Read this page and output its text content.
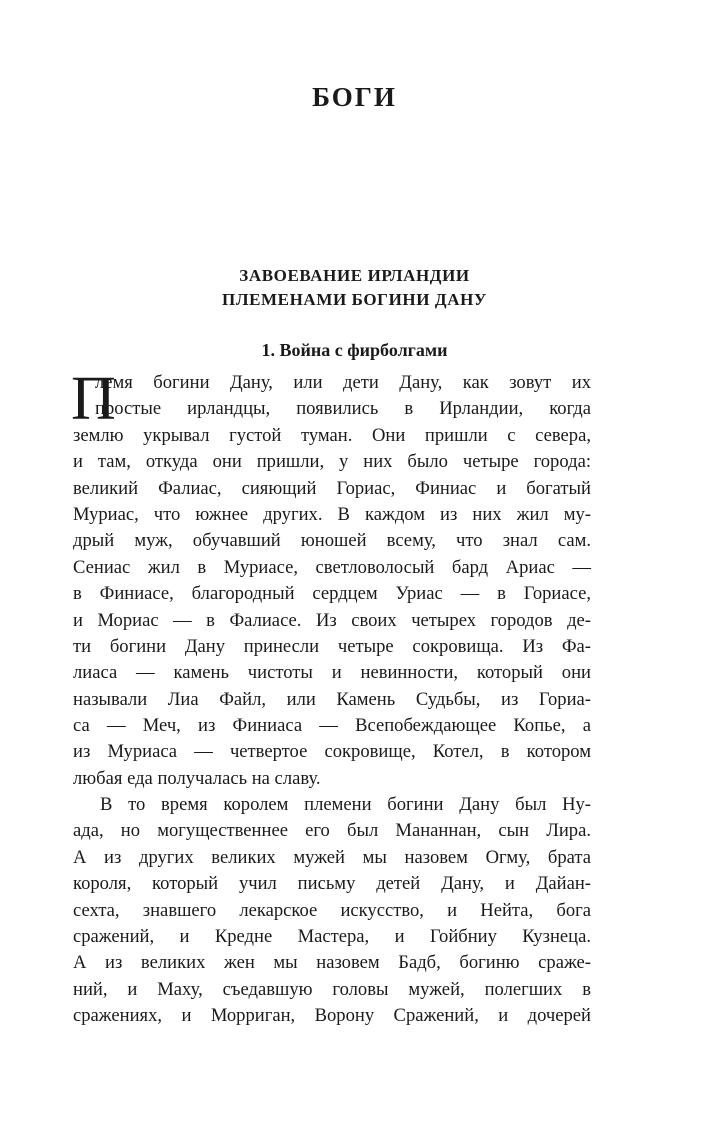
БОГИ
ЗАВОЕВАНИЕ ИРЛАНДИИ
ПЛЕМЕНАМИ БОГИНИ ДАНУ
1. Война с фирболгами
П
лемя богини Дану, или дети Дану, как зовут их
простые ирландцы, появились в Ирландии, когда
землю укрывал густой туман. Они пришли с севера,
и там, откуда они пришли, у них было четыре города:
великий Фалиас, сияющий Гориас, Финиас и богатый
Муриас, что южнее других. В каждом из них жил му-
дрый муж, обучавший юношей всему, что знал сам.
Сениас жил в Муриасе, светловолосый бард Ариас —
в Финиасе, благородный сердцем Уриас — в Гориасе,
и Мориас — в Фалиасе. Из своих четырех городов де-
ти богини Дану принесли четыре сокровища. Из Фа-
лиаса — камень чистоты и невинности, который они
называли Лиа Файл, или Камень Судьбы, из Гориа-
са — Меч, из Финиаса — Всепобеждающее Копье, а
из Муриаса — четвертое сокровище, Котел, в котором
любая еда получалась на славу.
В то время королем племени богини Дану был Ну-
ада, но могущественнее его был Мананнан, сын Лира.
А из других великих мужей мы назовем Огму, брата
короля, который учил письму детей Дану, и Дайан-
сехта, знавшего лекарское искусство, и Нейта, бога
сражений, и Кредне Мастера, и Гойбниу Кузнеца.
А из великих жен мы назовем Бадб, богиню сраже-
ний, и Маху, съедавшую головы мужей, полегших в
сражениях, и Морриган, Ворону Сражений, и дочерей
